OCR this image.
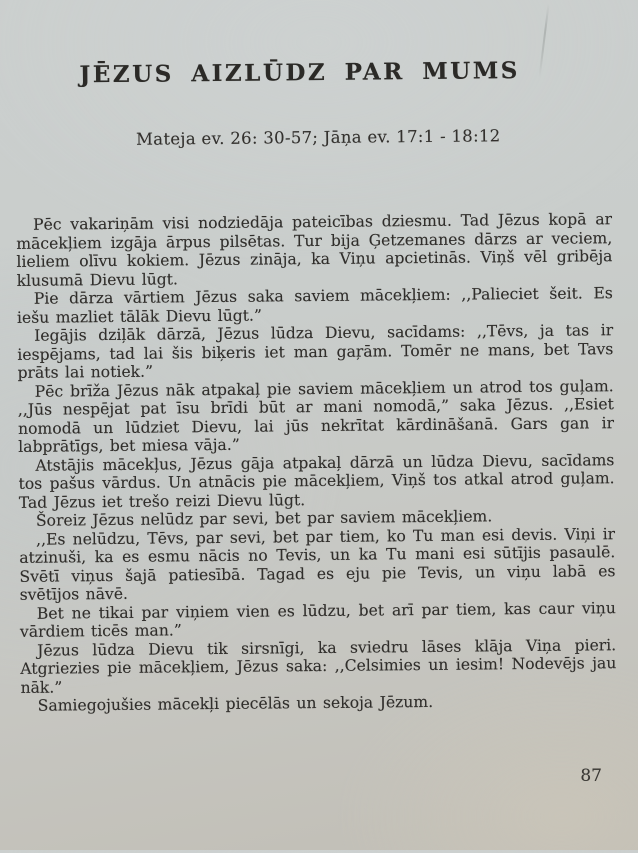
JĒZUS AIZLŪDZ PAR MUMS
Mateja ev. 26: 30-57; Jāņa ev. 17:1 - 18:12

Pēc vakariņām visi nodziedāja pateicības dziesmu. Tad Jēzus kopā ar mācekļiem izgāja ārpus pilsētas. Tur bija Ģetzemanes dārzs ar veciem, lieliem olīvu kokiem. Jēzus zināja, ka Viņu apcietinās. Viņš vēl gribēja klusumā Dievu lūgt.

Pie dārza vārtiem Jēzus saka saviem mācekļiem: ,,Palieciet šeit. Es iešu mazliet tālāk Dievu lūgt.”

Iegājis dziļāk dārzā, Jēzus lūdza Dievu, sacīdams: ,,Tēvs, ja tas ir iespējams, tad lai šis biķeris iet man gaŗām. Tomēr ne mans, bet Tavs prāts lai notiek.”

Pēc brīža Jēzus nāk atpakaļ pie saviem mācekļiem un atrod tos guļam. ,,Jūs nespējat pat īsu brīdi būt ar mani nomodā,” saka Jēzus. ,,Esiet nomodā un lūdziet Dievu, lai jūs nekrītat kārdināšanā. Gars gan ir labprātīgs, bet miesa vāja.”

Atstājis mācekļus, Jēzus gāja atpakaļ dārzā un lūdza Dievu, sacīdams tos pašus vārdus. Un atnācis pie mācekļiem, Viņš tos atkal atrod guļam. Tad Jēzus iet trešo reizi Dievu lūgt.

Šoreiz Jēzus nelūdz par sevi, bet par saviem mācekļiem.

,,Es nelūdzu, Tēvs, par sevi, bet par tiem, ko Tu man esi devis. Viņi ir atzinuši, ka es esmu nācis no Tevis, un ka Tu mani esi sūtījis pasaulē. Svētī viņus šajā patiesībā. Tagad es eju pie Tevis, un viņu labā es svētījos nāvē.

Bet ne tikai par viņiem vien es lūdzu, bet arī par tiem, kas caur viņu vārdiem ticēs man.”

Jēzus lūdza Dievu tik sirsnīgi, ka sviedru lāses klāja Viņa pieri. Atgriezies pie mācekļiem, Jēzus saka: ,,Celsimies un iesim! Nodevējs jau nāk.”

Samiegojušies mācekļi piecēlās un sekoja Jēzum.

87
